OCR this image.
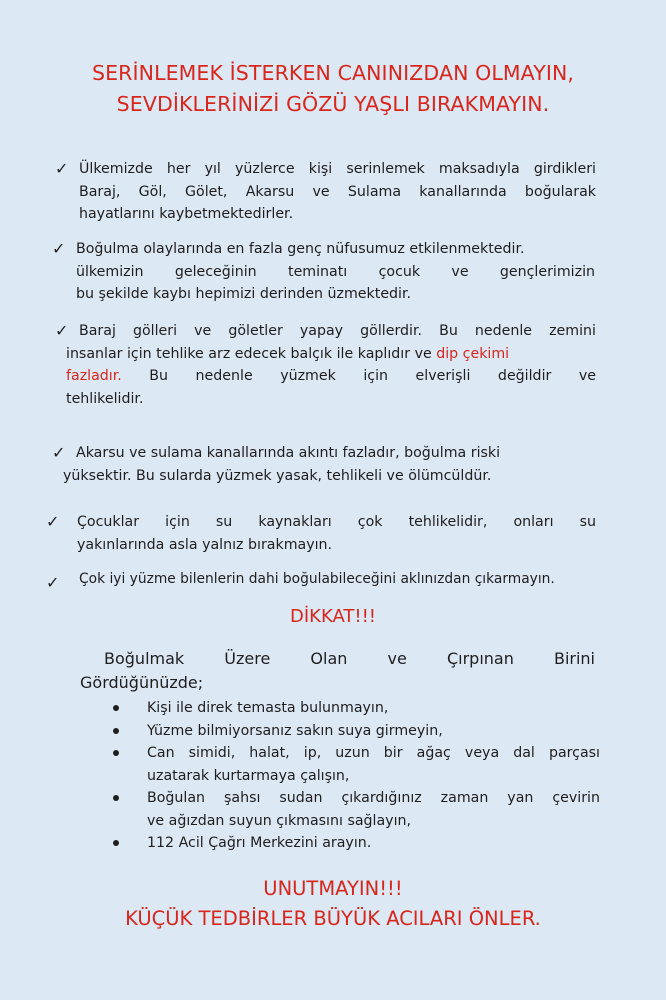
SERİNLEMEK İSTERKEN CANINIZDAN OLMAYIN,
SEVDİKLERİNİZİ GÖZÜ YAŞLI BIRAKMAYIN.
✓ Ülkemizde her yıl yüzlerce kişi serinlemek maksadıyla girdikleri
Baraj, Göl, Gölet, Akarsu ve Sulama kanallarında boğularak
hayatlarını kaybetmektedirler.
✓ Boğulma olaylarında en fazla genç nüfusumuz etkilenmektedir.
ülkemizin geleceğinin teminatı çocuk ve gençlerimizin
bu şekilde kaybı hepimizi derinden üzmektedir.
✓ Baraj gölleri ve göletler yapay göllerdir. Bu nedenle zemini
insanlar için tehlike arz edecek balçık ile kaplıdır ve dip çekimi
fazladır. Bu nedenle yüzmek için elverişli değildir ve
tehlikelidir.
✓ Akarsu ve sulama kanallarında akıntı fazladır, boğulma riski
yüksektir. Bu sularda yüzmek yasak, tehlikeli ve ölümcüldür.
✓ Çocuklar için su kaynakları çok tehlikelidir, onları su
yakınlarında asla yalnız bırakmayın.
✓ Çok iyi yüzme bilenlerin dahi boğulabileceğini aklınızdan çıkarmayın.
DİKKAT!!!
Boğulmak Üzere Olan ve Çırpınan Birini
Gördüğünüzde;
Kişi ile direk temasta bulunmayın,
Yüzme bilmiyorsanız sakın suya girmeyin,
Can simidi, halat, ip, uzun bir ağaç veya dal parçası
uzatarak kurtarmaya çalışın,
Boğulan şahsı sudan çıkardığınız zaman yan çevirin
ve ağızdan suyun çıkmasını sağlayın,
112 Acil Çağrı Merkezini arayın.
UNUTMAYIN!!!
KÜÇÜK TEDBİRLER BÜYÜK ACILARI ÖNLER.
